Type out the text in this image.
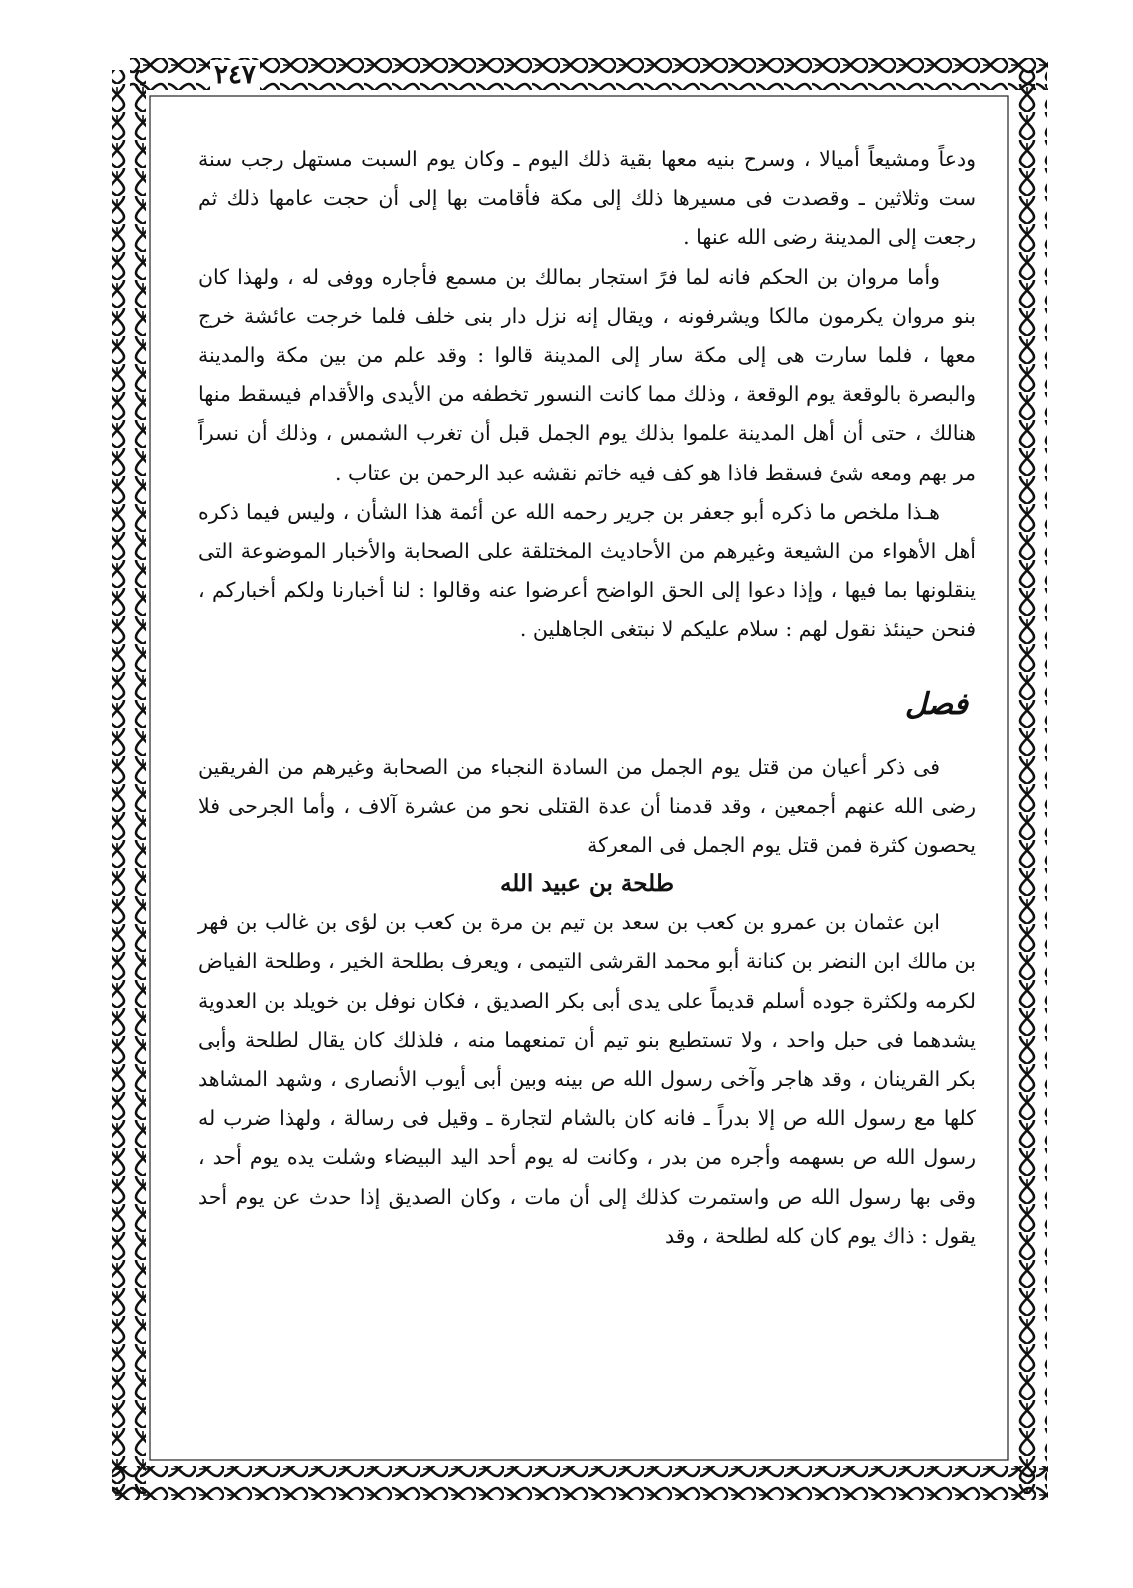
٢٤٧

ودعاً ومشيعاً أميالا ، وسرح بنيه معها بقية ذلك اليوم ـ وكان يوم السبت مستهل رجب سنة ست وثلاثين ـ وقصدت فى مسيرها ذلك إلى مكة فأقامت بها إلى أن حجت عامها ذلك ثم رجعت إلى المدينة رضى الله عنها .

وأما مروان بن الحكم فانه لما فرً استجار بمالك بن مسمع فأجاره ووفى له ، ولهذا كان بنو مروان يكرمون مالكا ويشرفونه ، ويقال إنه نزل دار بنى خلف فلما خرجت عائشة خرج معها ، فلما سارت هى إلى مكة سار إلى المدينة قالوا : وقد علم من بين مكة والمدينة والبصرة بالوقعة يوم الوقعة ، وذلك مما كانت النسور تخطفه من الأيدى والأقدام فيسقط منها هنالك ، حتى أن أهل المدينة علموا بذلك يوم الجمل قبل أن تغرب الشمس ، وذلك أن نسراً مر بهم ومعه شئ فسقط فاذا هو كف فيه خاتم نقشه عبد الرحمن بن عتاب .

هـذا ملخص ما ذكره أبو جعفر بن جرير رحمه الله عن أئمة هذا الشأن ، وليس فيما ذكره أهل الأهواء من الشيعة وغيرهم من الأحاديث المختلقة على الصحابة والأخبار الموضوعة التى ينقلونها بما فيها ، وإذا دعوا إلى الحق الواضح أعرضوا عنه وقالوا : لنا أخبارنا ولكم أخباركم ، فنحن حينئذ نقول لهم : سلام عليكم لا نبتغى الجاهلين .

فصل

فى ذكر أعيان من قتل يوم الجمل من السادة النجباء من الصحابة وغيرهم من الفريقين رضى الله عنهم أجمعين ، وقد قدمنا أن عدة القتلى نحو من عشرة آلاف ، وأما الجرحى فلا يحصون كثرة فمن قتل يوم الجمل فى المعركة

طلحة بن عبيد الله

ابن عثمان بن عمرو بن كعب بن سعد بن تيم بن مرة بن كعب بن لؤى بن غالب بن فهر بن مالك ابن النضر بن كنانة أبو محمد القرشى التيمى ، ويعرف بطلحة الخير ، وطلحة الفياض لكرمه ولكثرة جوده أسلم قديماً على يدى أبى بكر الصديق ، فكان نوفل بن خويلد بن العدوية يشدهما فى حبل واحد ، ولا تستطيع بنو تيم أن تمنعهما منه ، فلذلك كان يقال لطلحة وأبى بكر القرينان ، وقد هاجر وآخى رسول الله ص بينه وبين أبى أيوب الأنصارى ، وشهد المشاهد كلها مع رسول الله ص إلا بدراً ـ فانه كان بالشام لتجارة ـ وقيل فى رسالة ، ولهذا ضرب له رسول الله ص بسهمه وأجره من بدر ، وكانت له يوم أحد اليد البيضاء وشلت يده يوم أحد ، وقى بها رسول الله ص واستمرت كذلك إلى أن مات ، وكان الصديق إذا حدث عن يوم أحد يقول : ذاك يوم كان كله لطلحة ، وقد
